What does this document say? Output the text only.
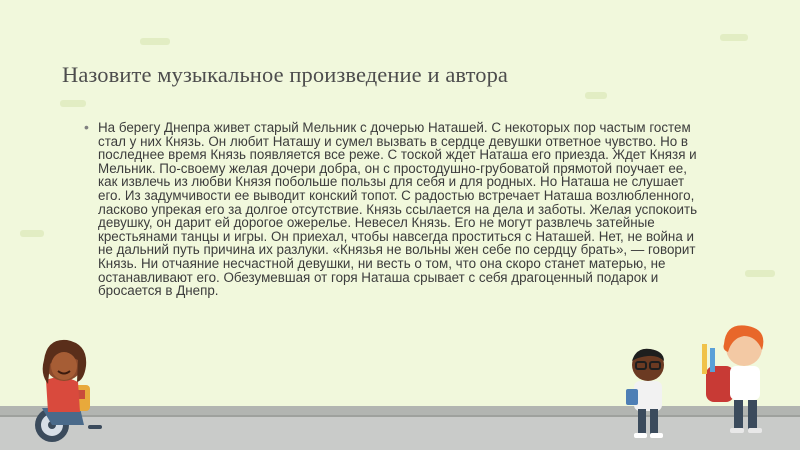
Назовите музыкальное произведение и автора
• На берегу Днепра живет старый Мельник с дочерью Наташей. С некоторых пор частым гостем стал у них Князь. Он любит Наташу и сумел вызвать в сердце девушки ответное чувство. Но в последнее время Князь появляется все реже. С тоской ждет Наташа его приезда. Ждет Князя и Мельник. По-своему желая дочери добра, он с простодушно-грубоватой прямотой поучает ее, как извлечь из любви Князя побольше пользы для себя и для родных. Но Наташа не слушает его. Из задумчивости ее выводит конский топот. С радостью встречает Наташа возлюбленного, ласково упрекая его за долгое отсутствие. Князь ссылается на дела и заботы. Желая успокоить девушку, он дарит ей дорогое ожерелье. Невесел Князь. Его не могут развлечь затейные крестьянами танцы и игры. Он приехал, чтобы навсегда проститься с Наташей. Нет, не война и не дальний путь причина их разлуки. «Князья не вольны жен себе по сердцу брать», — говорит Князь. Ни отчаяние несчастной девушки, ни весть о том, что она скоро станет матерью, не останавливают его. Обезумевшая от горя Наташа срывает с себя драгоценный подарок и бросается в Днепр.
